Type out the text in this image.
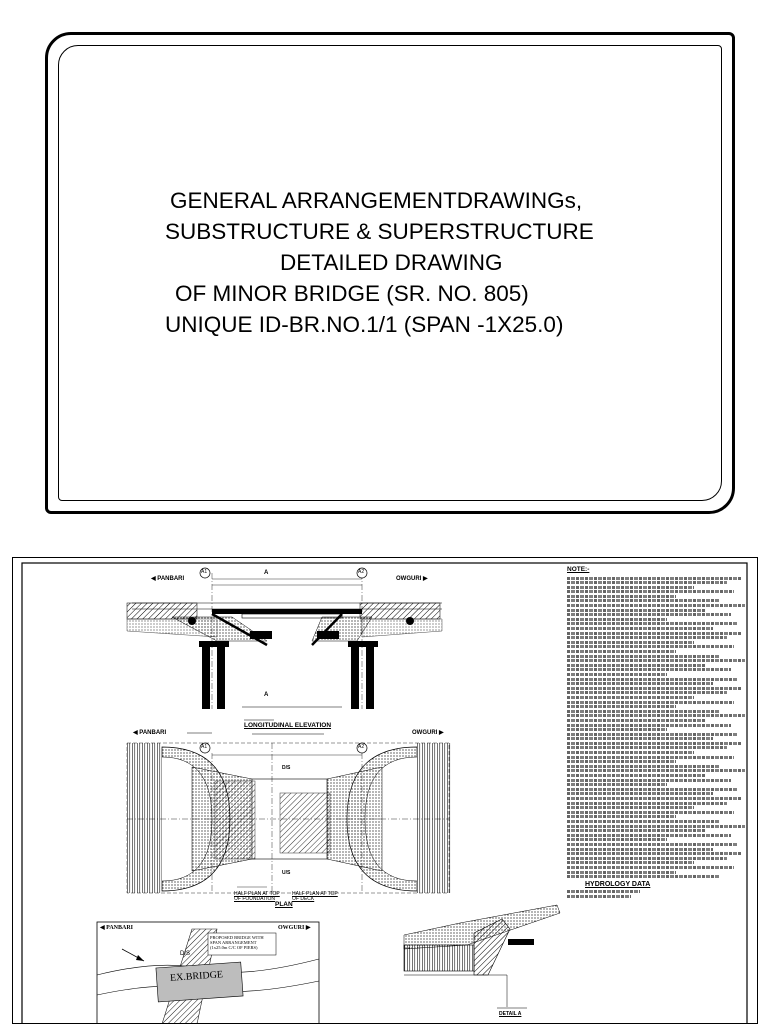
GENERAL ARRANGEMENTDRAWINGs,
SUBSTRUCTURE & SUPERSTRUCTURE
DETAILED DRAWING
OF MINOR BRIDGE (SR. NO. 805)
UNIQUE ID-BR.NO.1/1 (SPAN -1X25.0)
◀ PANBARI	OWGURI ▶
A1	A2
A
A
LONGITUDINAL ELEVATION
◀ PANBARI	OWGURI ▶
A1	A2
D/S
U/S
HALF PLAN AT TOP OF FOUNDATION
HALF PLAN AT TOP OF DECK
PLAN
◀ PANBARI	OWGURI ▶
D/S
EX.BRIDGE
PROPOSED BRIDGE WITH SPAN ARRANGEMENT (1x25.0m C/C OF PIERS)
DETAIL A
NOTE:-
HYDROLOGY DATA
